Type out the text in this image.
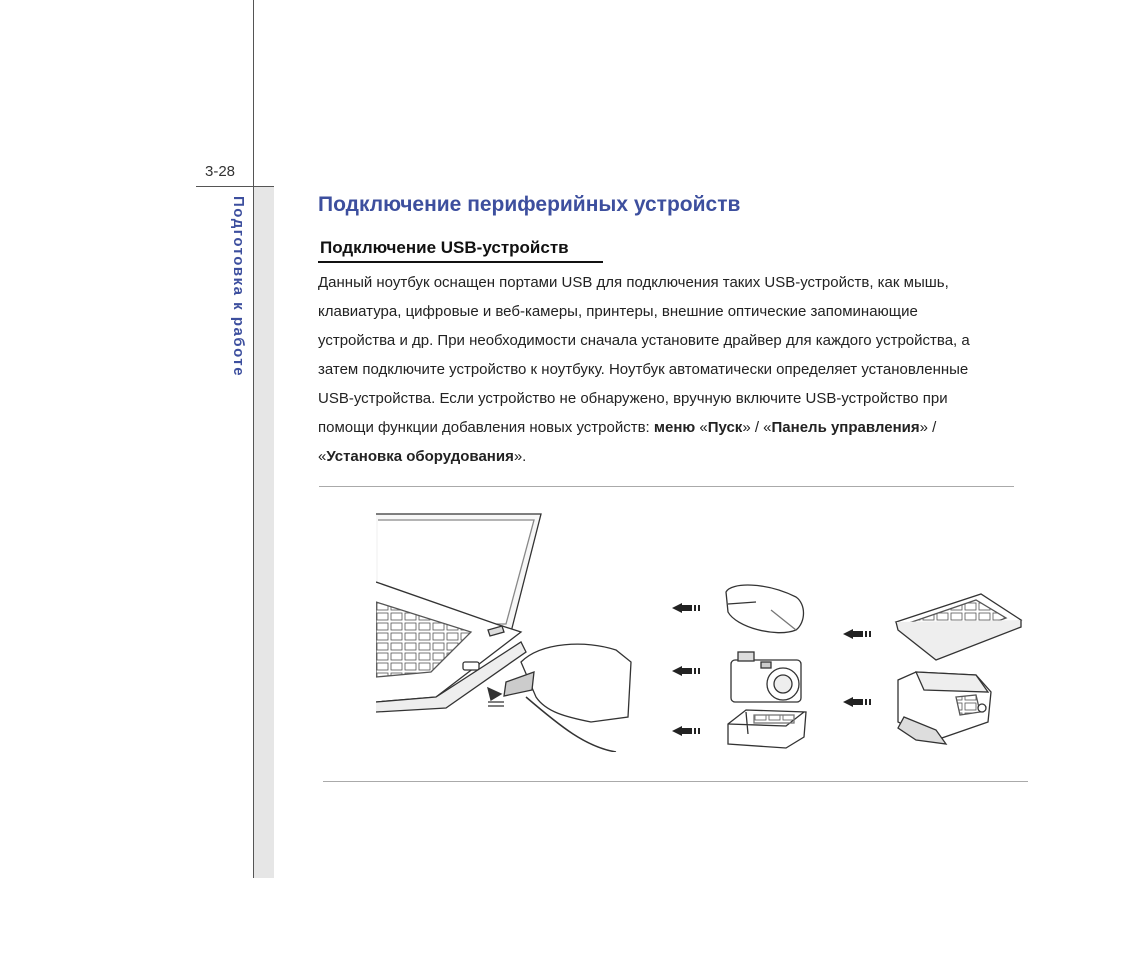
3-28
Подготовка к работе	Подключение периферийных устройств
Подключение USB-устройств

Данный ноутбук оснащен портами USB для подключения таких USB-устройств, как мышь,

клавиатура, цифровые и веб-камеры, принтеры, внешние оптические запоминающие

устройства и др. При необходимости сначала установите драйвер для каждого устройства, а

затем подключите устройство к ноутбуку. Ноутбук автоматически определяет установленные

USB-устройства. Если устройство не обнаружено, вручную включите USB-устройство при

помощи функции добавления новых устройств: меню «Пуск» / «Панель управления» /

«Установка оборудования».
